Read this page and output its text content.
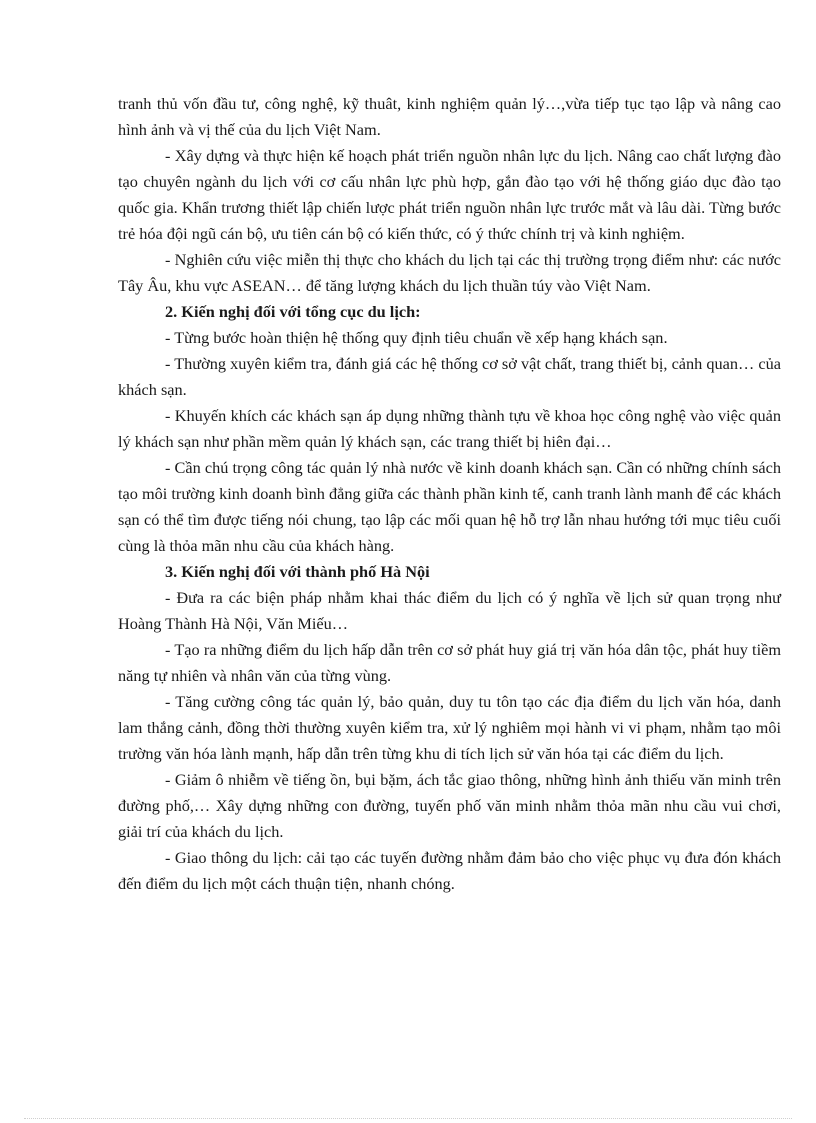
tranh thủ vốn đầu tư, công nghệ, kỹ thuât, kinh nghiệm quản lý…,vừa tiếp tục tạo lập và nâng cao hình ảnh và vị thế của du lịch Việt Nam.

- Xây dựng và thực hiện kế hoạch phát triển nguồn nhân lực du lịch. Nâng cao chất lượng đào tạo chuyên ngành du lịch với cơ cấu nhân lực phù hợp, gắn đào tạo với hệ thống giáo dục đào tạo quốc gia. Khẩn trương thiết lập chiến lược phát triển nguồn nhân lực trước mắt và lâu dài. Từng bước trẻ hóa đội ngũ cán bộ, ưu tiên cán bộ có kiến thức, có ý thức chính trị và kinh nghiệm.

- Nghiên cứu việc miễn thị thực cho khách du lịch tại các thị trường trọng điểm như: các nước Tây Âu, khu vực ASEAN… để tăng lượng khách du lịch thuần túy vào Việt Nam.

2. Kiến nghị đối với tổng cục du lịch:

- Từng bước hoàn thiện hệ thống quy định tiêu chuẩn về xếp hạng khách sạn.

- Thường xuyên kiểm tra, đánh giá các hệ thống cơ sở vật chất, trang thiết bị, cảnh quan… của khách sạn.

- Khuyến khích các khách sạn áp dụng những thành tựu về khoa học công nghệ vào việc quản lý khách sạn như phần mềm quản lý khách sạn, các trang thiết bị hiên đại…

- Cần chú trọng công tác quản lý nhà nước về kinh doanh khách sạn. Cần có những chính sách tạo môi trường kinh doanh bình đẳng giữa các thành phần kinh tế, canh tranh lành manh để các khách sạn có thể tìm được tiếng nói chung, tạo lập các mối quan hệ hỗ trợ lẫn nhau hướng tới mục tiêu cuối cùng là thỏa mãn nhu cầu của khách hàng.

3. Kiến nghị đối với thành phố Hà Nội

- Đưa ra các biện pháp nhằm khai thác điểm du lịch có ý nghĩa về lịch sử quan trọng như Hoàng Thành Hà Nội, Văn Miếu…

- Tạo ra những điểm du lịch hấp dẫn trên cơ sở phát huy giá trị văn hóa dân tộc, phát huy tiềm năng tự nhiên và nhân văn của từng vùng.

- Tăng cường công tác quản lý, bảo quản, duy tu tôn tạo các địa điểm du lịch văn hóa, danh lam thắng cảnh, đồng thời thường xuyên kiểm tra, xử lý nghiêm mọi hành vi vi phạm, nhằm tạo môi trường văn hóa lành mạnh, hấp dẫn trên từng khu di tích lịch sử văn hóa tại các điểm du lịch.

- Giảm ô nhiễm về tiếng ồn, bụi bặm, ách tắc giao thông, những hình ảnh thiếu văn minh trên đường phố,… Xây dựng những con đường, tuyến phố văn minh nhằm thỏa mãn nhu cầu vui chơi, giải trí của khách du lịch.

- Giao thông du lịch: cải tạo các tuyến đường nhằm đảm bảo cho việc phục vụ đưa đón khách đến điểm du lịch một cách thuận tiện, nhanh chóng.
